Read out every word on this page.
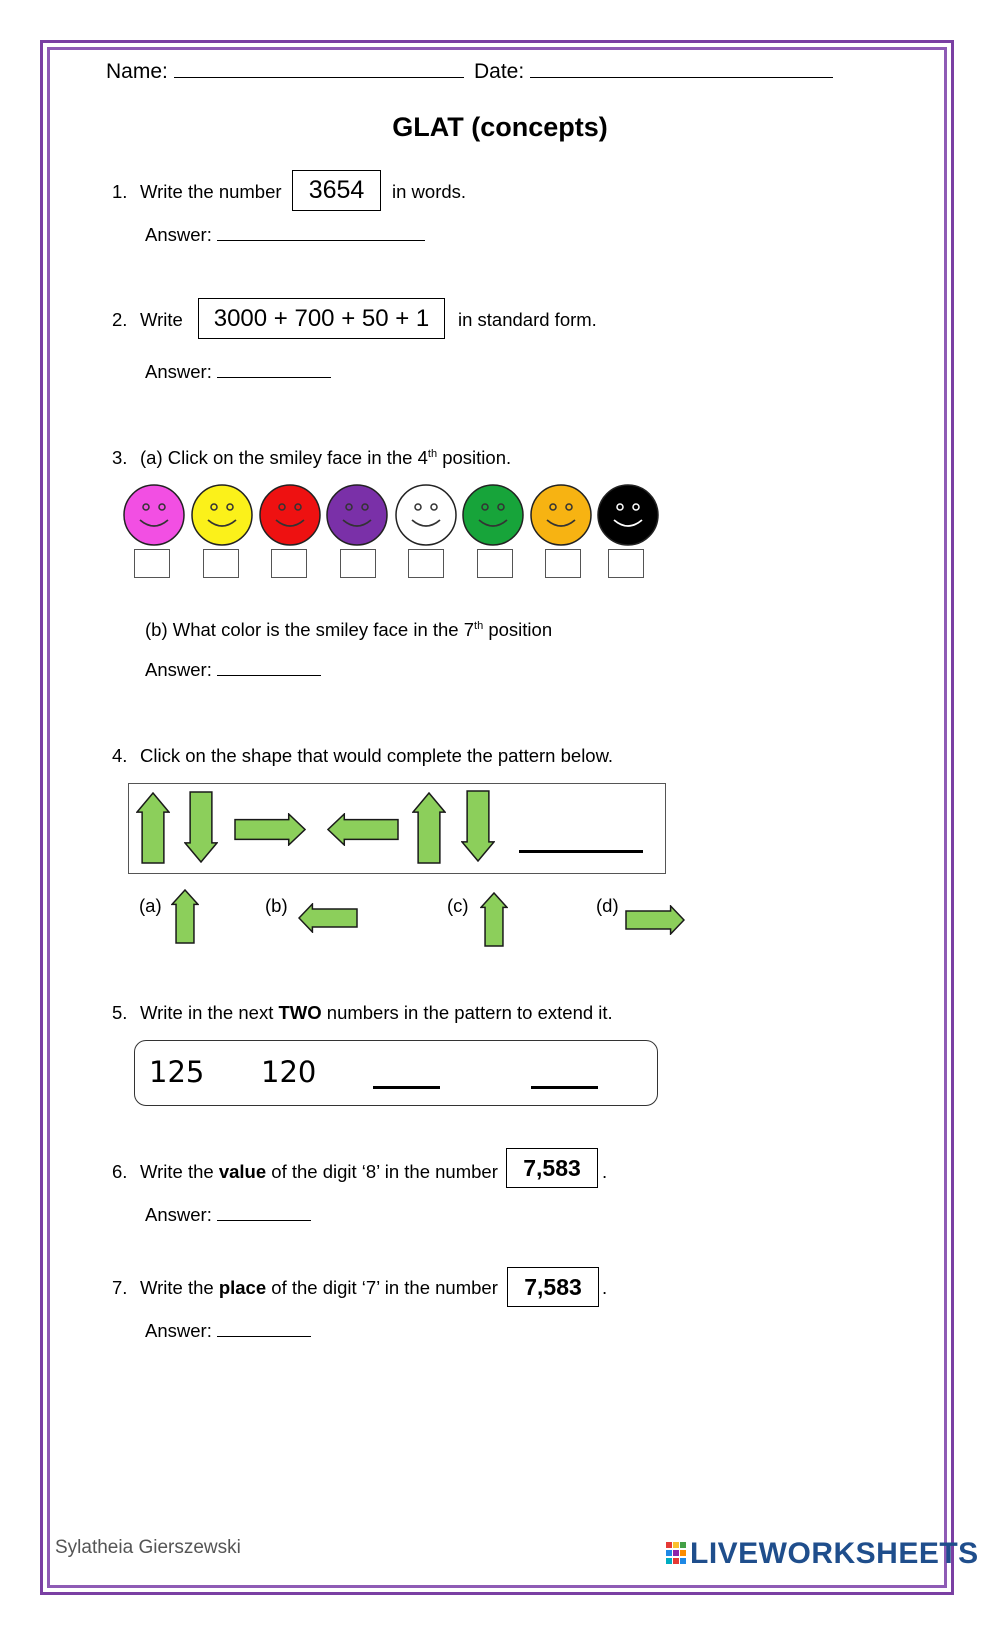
Name:	Date:
GLAT (concepts)
1. Write the number	3654	in words.
Answer:
2. Write	3000 + 700 + 50 + 1	in standard form.
Answer:
3. (a) Click on the smiley face in the 4th position.
(b) What color is the smiley face in the 7th position
Answer:
4. Click on the shape that would complete the pattern below.
(a)	(b)	(c)	(d)
5. Write in the next TWO numbers in the pattern to extend it.
125 120
6. Write the value of the digit ‘8’ in the number	7,583	.
Answer:
7. Write the place of the digit ‘7’ in the number	7,583	.
Answer:
Sylatheia Gierszewski	LIVEWORKSHEETS
